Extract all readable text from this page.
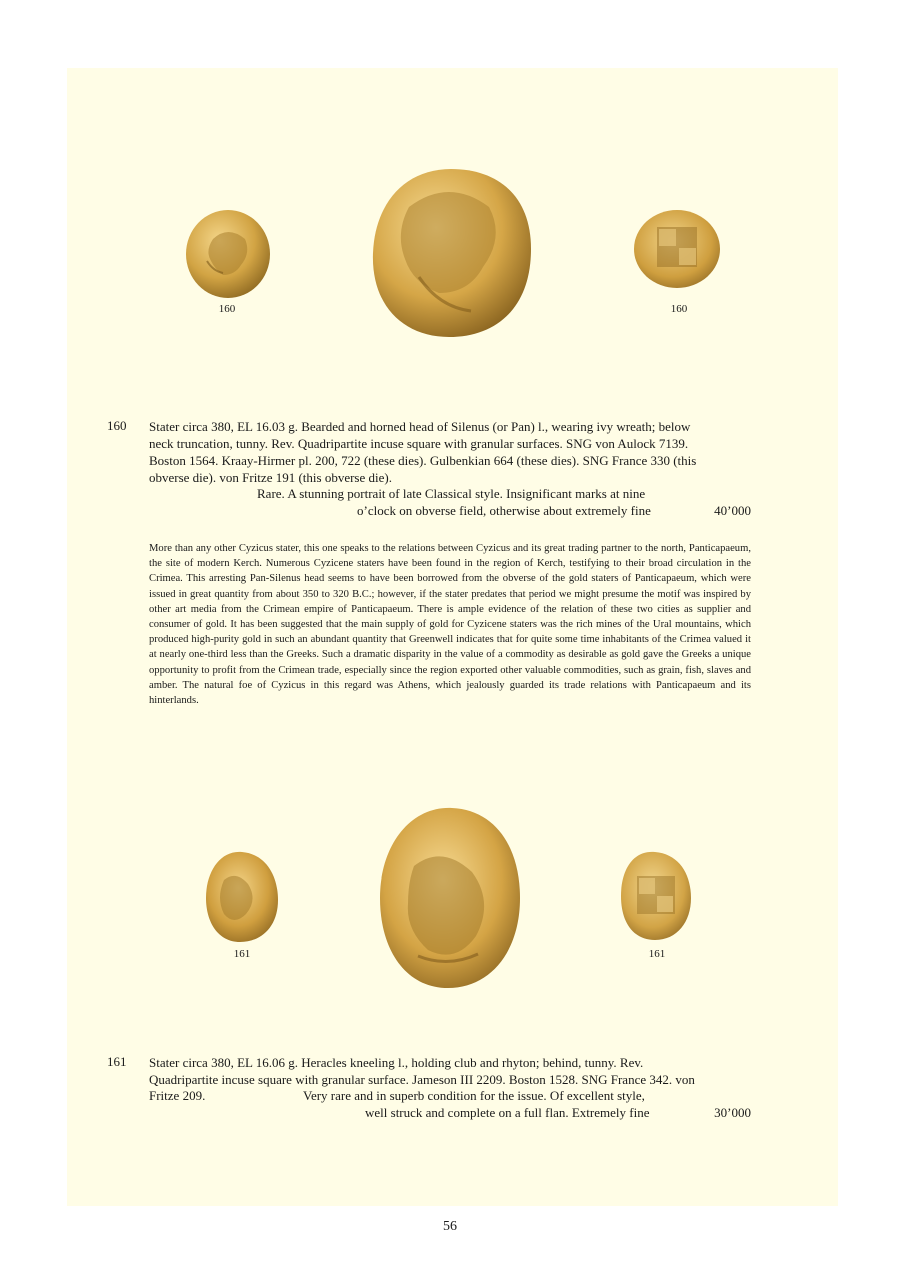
160	160
160 Stater circa 380, EL 16.03 g. Bearded and horned head of Silenus (or Pan) l., wearing ivy wreath; below
neck truncation, tunny. Rev. Quadripartite incuse square with granular surfaces. SNG von Aulock 7139.
Boston 1564. Kraay-Hirmer pl. 200, 722 (these dies). Gulbenkian 664 (these dies). SNG France 330 (this
obverse die). von Fritze 191 (this obverse die).
Rare. A stunning portrait of late Classical style. Insignificant marks at nine
o’clock on obverse field, otherwise about extremely fine	40’000
More than any other Cyzicus stater, this one speaks to the relations between Cyzicus and its great trading partner to the north, Panticapaeum, the site of modern Kerch. Numerous Cyzicene staters have been found in the region of Kerch, testifying to their broad circulation in the Crimea. This arresting Pan-Silenus head seems to have been borrowed from the obverse of the gold staters of Panticapaeum, which were issued in great quantity from about 350 to 320 B.C.; however, if the stater predates that period we might presume the motif was inspired by other art media from the Crimean empire of Panticapaeum. There is ample evidence of the relation of these two cities as supplier and consumer of gold. It has been suggested that the main supply of gold for Cyzicene staters was the rich mines of the Ural mountains, which produced high-purity gold in such an abundant quantity that Greenwell indicates that for quite some time inhabitants of the Crimea valued it at nearly one-third less than the Greeks. Such a dramatic disparity in the value of a commodity as desirable as gold gave the Greeks a unique opportunity to profit from the Crimean trade, especially since the region exported other valuable commodities, such as grain, fish, slaves and amber. The natural foe of Cyzicus in this regard was Athens, which jealously guarded its trade relations with Panticapaeum and its hinterlands.
161	161
161 Stater circa 380, EL 16.06 g. Heracles kneeling l., holding club and rhyton; behind, tunny. Rev.
Quadripartite incuse square with granular surface. Jameson III 2209. Boston 1528. SNG France 342. von
Fritze 209.	Very rare and in superb condition for the issue. Of excellent style,
well struck and complete on a full flan. Extremely fine	30’000
56
